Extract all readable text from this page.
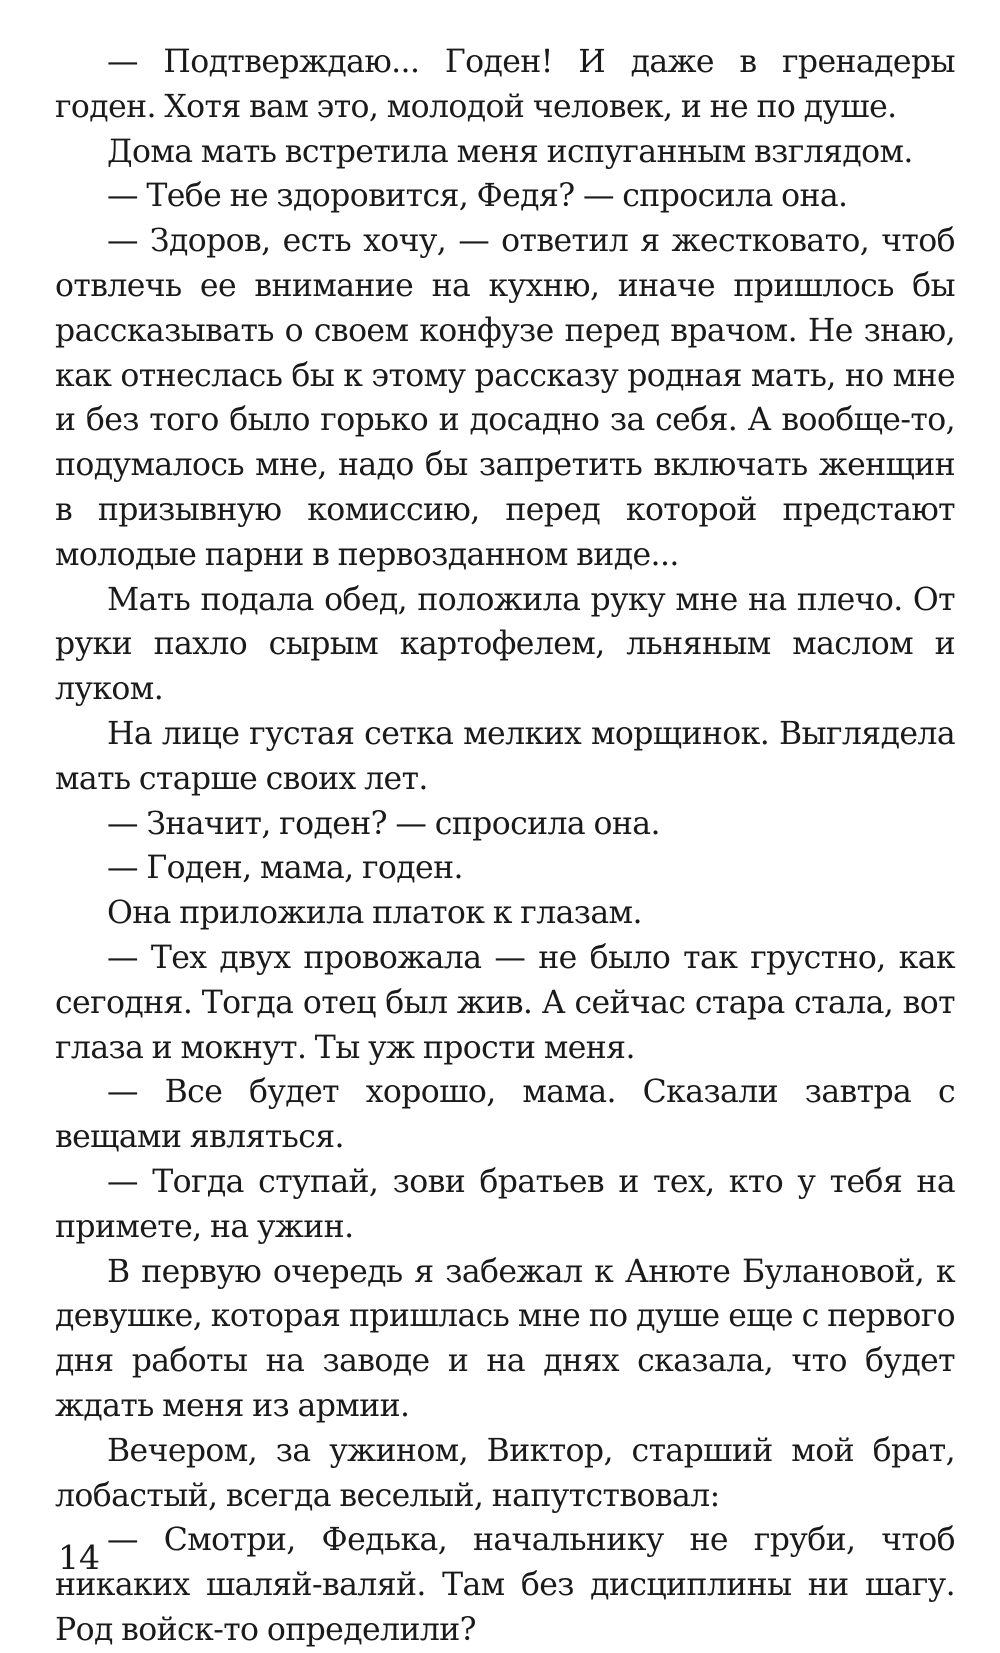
— Подтверждаю... Годен! И даже в гренадеры годен. Хотя вам это, молодой человек, и не по душе.

Дома мать встретила меня испуганным взглядом.

— Тебе не здоровится, Федя? — спросила она.

— Здоров, есть хочу, — ответил я жестковато, чтоб отвлечь ее внимание на кухню, иначе пришлось бы рассказывать о своем конфузе перед врачом. Не знаю, как отнеслась бы к этому рассказу родная мать, но мне и без того было горько и досадно за себя. А вообще-то, подумалось мне, надо бы запретить включать женщин в призывную комиссию, перед которой предстают молодые парни в первозданном виде...

Мать подала обед, положила руку мне на плечо. От руки пахло сырым картофелем, льняным маслом и луком.

На лице густая сетка мелких морщинок. Выглядела мать старше своих лет.

— Значит, годен? — спросила она.

— Годен, мама, годен.

Она приложила платок к глазам.

— Тех двух провожала — не было так грустно, как сегодня. Тогда отец был жив. А сейчас стара стала, вот глаза и мокнут. Ты уж прости меня.

— Все будет хорошо, мама. Сказали завтра с вещами являться.

— Тогда ступай, зови братьев и тех, кто у тебя на примете, на ужин.

В первую очередь я забежал к Анюте Булановой, к девушке, которая пришлась мне по душе еще с первого дня работы на заводе и на днях сказала, что будет ждать меня из армии.

Вечером, за ужином, Виктор, старший мой брат, лобастый, всегда веселый, напутствовал:

— Смотри, Федька, начальнику не груби, чтоб никаких шаляй-валяй. Там без дисциплины ни шагу. Род войск-то определили?

14
